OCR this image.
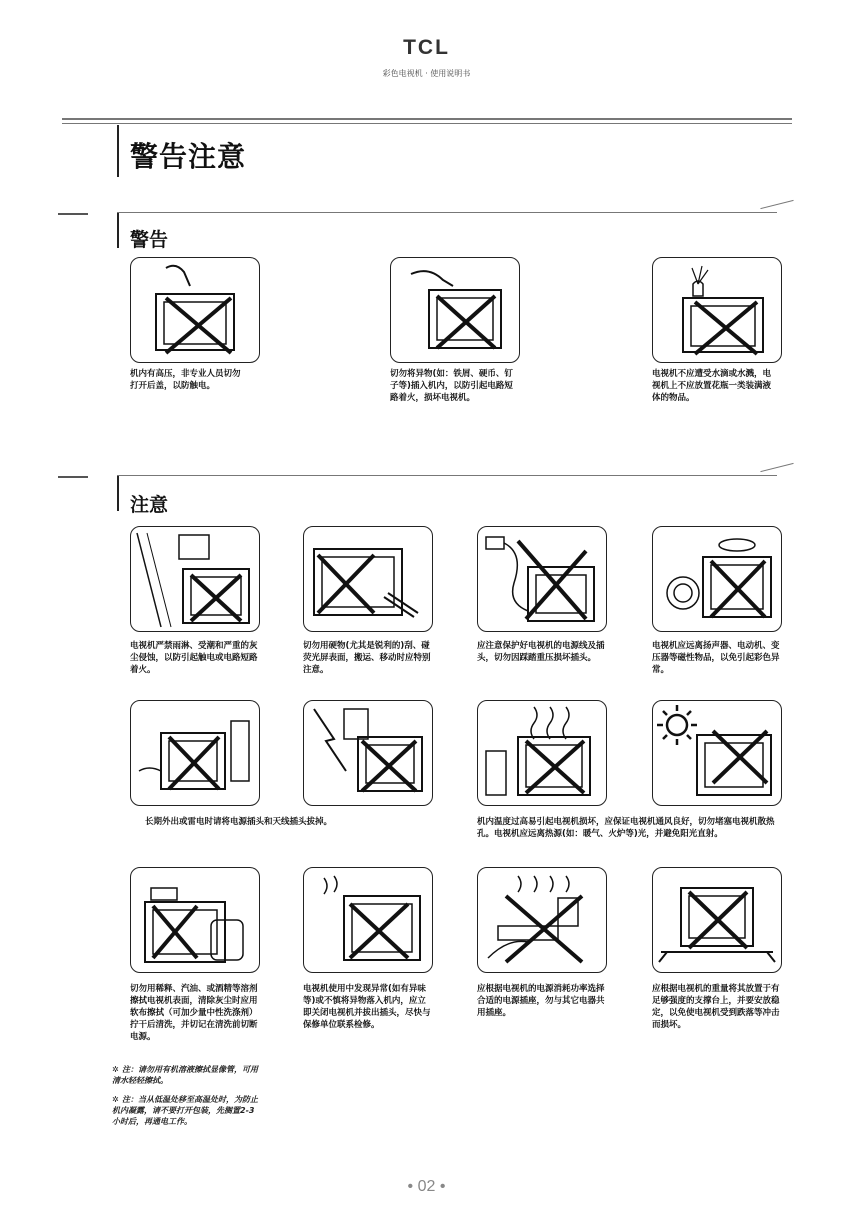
TCL
彩色电视机 · 使用说明书
警告注意
警告
机内有高压，非专业人员切勿打开后盖，以防触电。
切勿将异物(如：铁屑、硬币、钉子等)插入机内，以防引起电路短路着火，损坏电视机。
电视机不应遭受水滴或水溅，电视机上不应放置花瓶一类装满液体的物品。
注意
电视机严禁雨淋、受潮和严重的灰尘侵蚀，以防引起触电或电路短路着火。
切勿用硬物(尤其是锐利的)刮、碰荧光屏表面，搬运、移动时应特别注意。
应注意保护好电视机的电源线及插头，切勿因踩踏重压损坏插头。
电视机应远离扬声器、电动机、变压器等磁性物品，以免引起彩色异常。
长期外出或雷电时请将电源插头和天线插头拔掉。	机内温度过高易引起电视机损坏，应保证电视机通风良好，切勿堵塞电视机散热孔。电视机应远离热源(如：暖气、火炉等)光，并避免阳光直射。
切勿用稀释、汽油、或酒精等溶剂擦拭电视机表面，清除灰尘时应用软布擦拭（可加少量中性洗涤剂）拧干后清洗，并切记在清洗前切断电源。
电视机使用中发现异常(如有异味等)或不慎将异物落入机内，应立即关闭电视机并拔出插头，尽快与保修单位联系检修。
应根据电视机的电源消耗功率选择合适的电源插座，勿与其它电器共用插座。
应根据电视机的重量将其放置于有足够强度的支撑台上，并要安放稳定，以免使电视机受到跌落等冲击而损坏。
✲ 注：请勿用有机溶液擦拭显像管，可用清水轻轻擦拭。
✲ 注：当从低温处移至高温处时，为防止机内凝露，请不要打开包装，先搁置2-3小时后，再通电工作。
• 02 •
